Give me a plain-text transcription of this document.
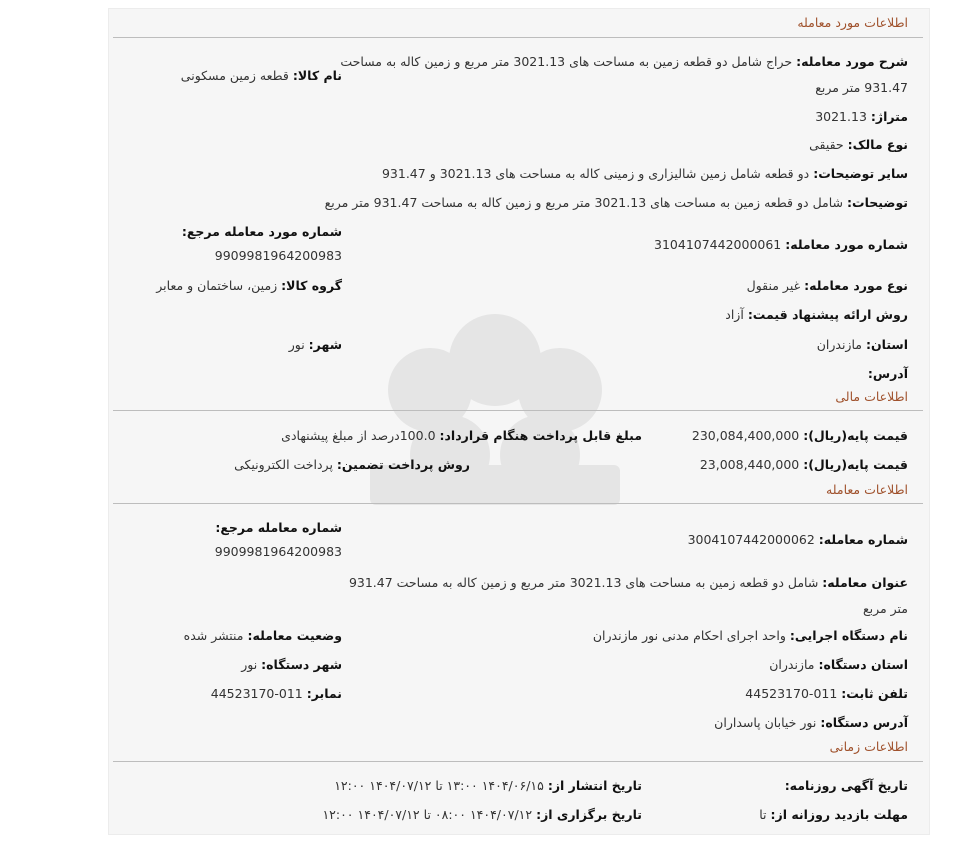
اطلاعات مورد معامله
شرح مورد معامله: حراج شامل دو قطعه زمین به مساحت های 3021.13 متر مربع و زمین کاله به مساحت
931.47 متر مربع
نام کالا: قطعه زمین مسکونی
متراژ: 3021.13
نوع مالک: حقیقی
سایر توضیحات: دو قطعه شامل زمین شالیزاری و زمینی کاله به مساحت های 3021.13 و 931.47
توضیحات: شامل دو قطعه زمین به مساحت های 3021.13 متر مربع و زمین کاله به مساحت 931.47 متر مربع
شماره مورد معامله مرجع:
9909981964200983
شماره مورد معامله: 3104107442000061
گروه کالا: زمین، ساختمان و معابر	نوع مورد معامله: غیر منقول
روش ارائه پیشنهاد قیمت: آزاد
شهر: نور	استان: مازندران
آدرس:
اطلاعات مالی
قیمت پایه(ریال): 230,084,400,000
مبلغ قابل پرداخت هنگام قرارداد: 100.0درصد از مبلغ پیشنهادی
قیمت پایه(ریال): 23,008,440,000
روش پرداخت تضمین: پرداخت الکترونیکی
اطلاعات معامله
شماره معامله مرجع:
9909981964200983
شماره معامله: 3004107442000062
عنوان معامله: شامل دو قطعه زمین به مساحت های 3021.13 متر مربع و زمین کاله به مساحت 931.47
متر مربع
وضعیت معامله: منتشر شده	نام دستگاه اجرایی: واحد اجرای احکام مدنی نور مازندران
شهر دستگاه: نور	استان دستگاه: مازندران
نمابر: 011-44523170	تلفن ثابت: 011-44523170
آدرس دستگاه: نور خیابان پاسداران
اطلاعات زمانی
تاریخ آگهی روزنامه:
تاریخ انتشار از: ۱۴۰۴/۰۶/۱۵ ۱۳:۰۰ تا ۱۴۰۴/۰۷/۱۲ ۱۲:۰۰
مهلت بازدید روزانه از: تا
تاریخ برگزاری از: ۱۴۰۴/۰۷/۱۲ ۰۸:۰۰ تا ۱۴۰۴/۰۷/۱۲ ۱۲:۰۰
